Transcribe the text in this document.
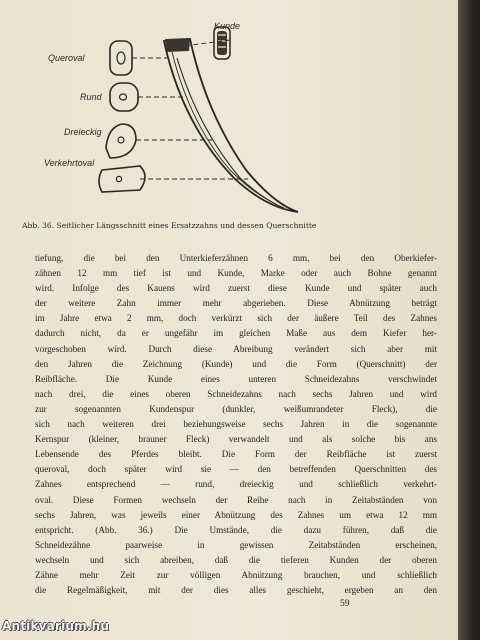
Kunde
Queroval
Rund
Dreieckig
Verkehrtoval
Abb. 36. Seitlicher Längsschnitt eines Ersatzzahns und dessen Querschnitte
tiefung, die bei den Unterkieferzähnen 6 mm, bei den Oberkiefer-
zähnen 12 mm tief ist und Kunde, Marke oder auch Bohne genannt
wird. Infolge des Kauens wird zuerst diese Kunde und später auch
der weitere Zahn immer mehr abgerieben. Diese Abnützung beträgt
im Jahre etwa 2 mm, doch verkürzt sich der äußere Teil des Zahnes
dadurch nicht, da er ungefähr im gleichen Maße aus dem Kiefer her-
vorgeschoben wird. Durch diese Abreibung verändert sich aber mit
den Jahren die Zeichnung (Kunde) und die Form (Querschnitt) der
Reibfläche. Die Kunde eines unteren Schneidezahns verschwindet
nach drei, die eines oberen Schneidezahns nach sechs Jahren und wird
zur sogenannten Kundenspur (dunkler, weißumrandeter Fleck), die
sich nach weiteren drei beziehungsweise sechs Jahren in die sogenannte
Kernspur (kleiner, brauner Fleck) verwandelt und als solche bis ans
Lebensende des Pferdes bleibt. Die Form der Reibfläche ist zuerst
queroval, doch später wird sie — den betreffenden Querschnitten des
Zahnes entsprechend — rund, dreieckig und schließlich verkehrt-
oval. Diese Formen wechseln der Reihe nach in Zeitabständen von
sechs Jahren, was jeweils einer Abnützung des Zahnes um etwa 12 mm
entspricht. (Abb. 36.) Die Umstände, die dazu führen, daß die
Schneidezähne paarweise in gewissen Zeitabständen erscheinen,
wechseln und sich abreiben, daß die tieferen Kunden der oberen
Zähne mehr Zeit zur völligen Abnützung brauchen, und schließlich
die Regelmäßigkeit, mit der dies alles geschieht, ergeben an den
59
Antikvarium.hu
